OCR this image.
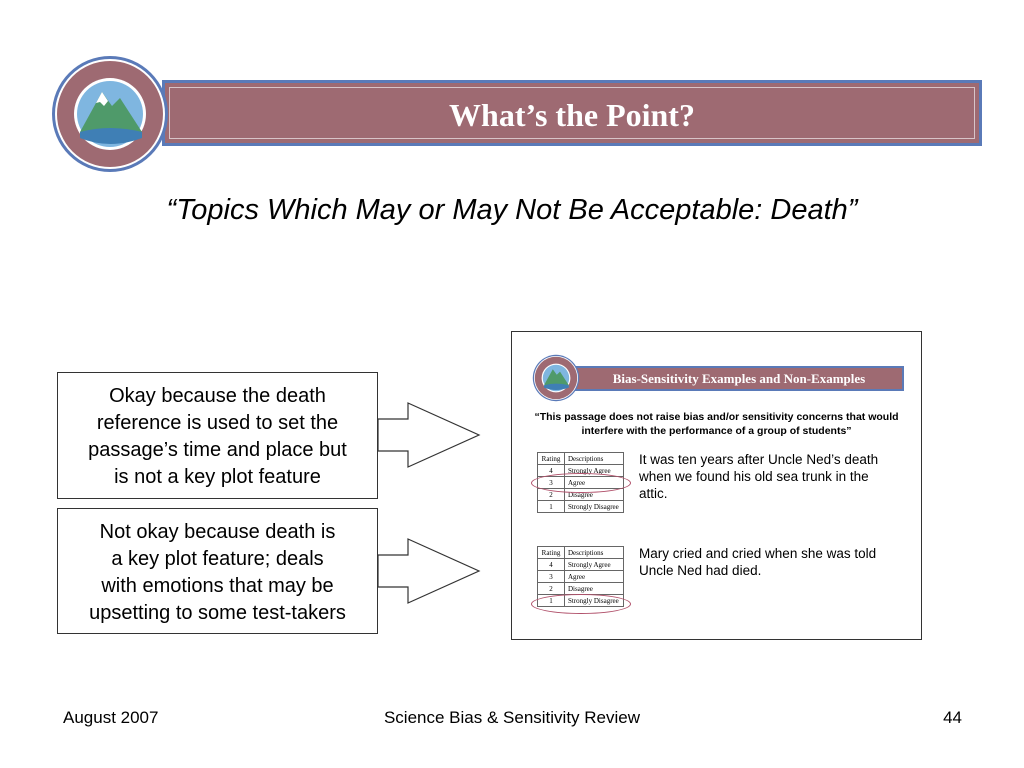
What’s the Point?
“Topics Which May or May Not Be Acceptable: Death”
Okay because the death
reference is used to set the
passage’s time and place but
is not a key plot feature
Not okay because death is
a key plot feature; deals
with emotions that may be
upsetting to some test-takers
Bias-Sensitivity Examples and Non-Examples
“This passage does not raise bias and/or sensitivity concerns that would interfere with the performance of a group of students”
Rating	Descriptions
4	Strongly Agree
3	Agree
2	Disagree
1	Strongly Disagree
It was ten years after Uncle Ned’s death when we found his old sea trunk in the attic.
Rating	Descriptions
4	Strongly Agree
3	Agree
2	Disagree
1	Strongly Disagree
Mary cried and cried when she was told Uncle Ned had died.
August 2007	Science Bias & Sensitivity Review	44
